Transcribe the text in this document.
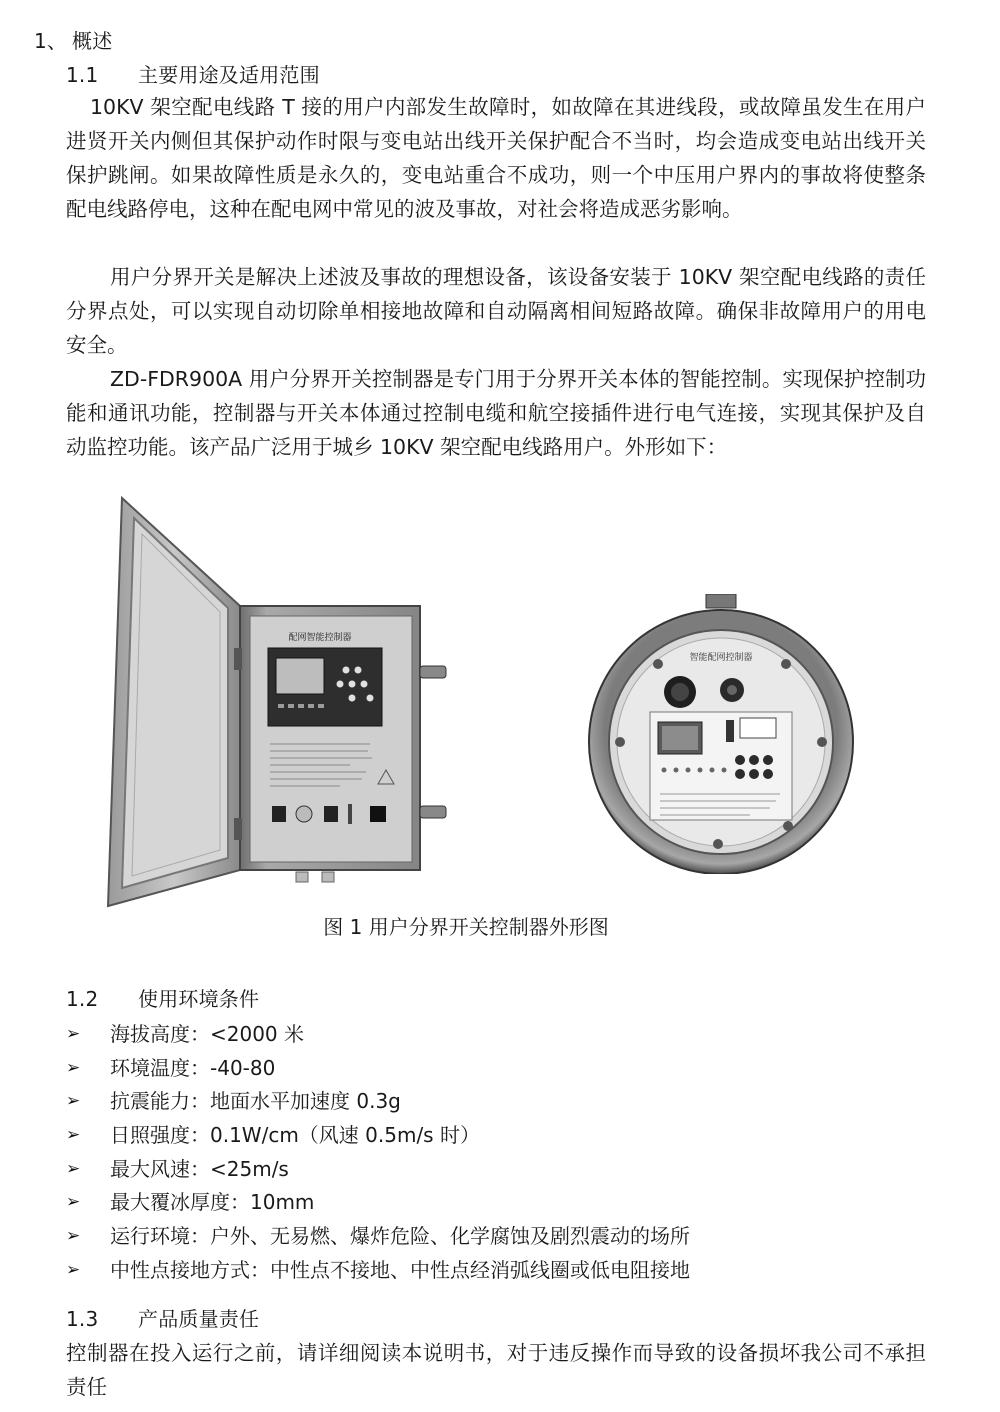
1、 概述
1.1 主要用途及适用范围

10KV 架空配电线路 T 接的用户内部发生故障时，如故障在其进线段，或故障虽发生在用户进贤开关内侧但其保护动作时限与变电站出线开关保护配合不当时，均会造成变电站出线开关保护跳闸。如果故障性质是永久的，变电站重合不成功，则一个中压用户界内的事故将使整条配电线路停电，这种在配电网中常见的波及事故，对社会将造成恶劣影响。

用户分界开关是解决上述波及事故的理想设备，该设备安装于 10KV 架空配电线路的责任分界点处，可以实现自动切除单相接地故障和自动隔离相间短路故障。确保非故障用户的用电安全。

ZD-FDR900A 用户分界开关控制器是专门用于分界开关本体的智能控制。实现保护控制功能和通讯功能，控制器与开关本体通过控制电缆和航空接插件进行电气连接，实现其保护及自动监控功能。该产品广泛用于城乡 10KV 架空配电线路用户。外形如下：

配网智能控制器
智能配网控制器
图 1 用户分界开关控制器外形图
1.2 使用环境条件
➢	海拔高度：<2000 米
➢	环境温度：-40-80
➢	抗震能力：地面水平加速度 0.3g
➢	日照强度：0.1W/cm（风速 0.5m/s 时）
➢	最大风速：<25m/s
➢	最大覆冰厚度：10mm
➢	运行环境：户外、无易燃、爆炸危险、化学腐蚀及剧烈震动的场所
➢	中性点接地方式：中性点不接地、中性点经消弧线圈或低电阻接地
1.3 产品质量责任

控制器在投入运行之前，请详细阅读本说明书，对于违反操作而导致的设备损坏我公司不承担责任
